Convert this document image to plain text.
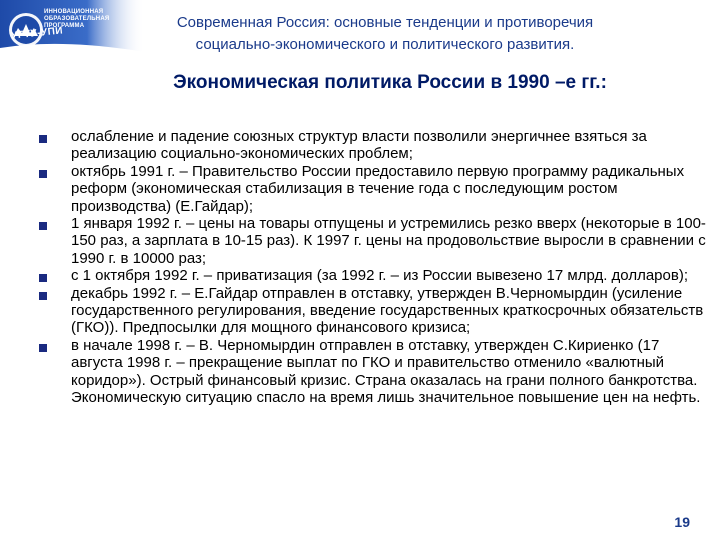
ИННОВАЦИОННАЯ
ОБРАЗОВАТЕЛЬНАЯ
ПРОГРАММА
УГТУ-УПИ
Современная Россия: основные тенденции и противоречия
социально-экономического и политического развития.
Экономическая политика России в 1990 –е гг.:
ослабление и падение союзных структур власти позволили энергичнее взяться за реализацию социально-экономических проблем;
октябрь 1991 г. – Правительство России предоставило первую программу радикальных реформ (экономическая стабилизация в течение года с последующим ростом производства) (Е.Гайдар);
1 января 1992 г. – цены на товары отпущены и устремились резко вверх (некоторые в 100-150 раз, а зарплата в 10-15 раз). К 1997 г. цены на продовольствие выросли в сравнении с 1990 г. в 10000 раз;
с 1 октября 1992 г. – приватизация (за 1992 г. – из России вывезено 17 млрд. долларов);
декабрь 1992 г. – Е.Гайдар отправлен в отставку, утвержден В.Черномырдин (усиление государственного регулирования, введение государственных краткосрочных обязательств (ГКО)). Предпосылки для мощного финансового кризиса;
в начале 1998 г. – В. Черномырдин отправлен в отставку, утвержден С.Кириенко (17 августа 1998 г. – прекращение выплат по ГКО и правительство отменило «валютный коридор»). Острый финансовый кризис. Страна оказалась на грани полного банкротства. Экономическую ситуацию спасло на время лишь значительное повышение цен на нефть.
19
